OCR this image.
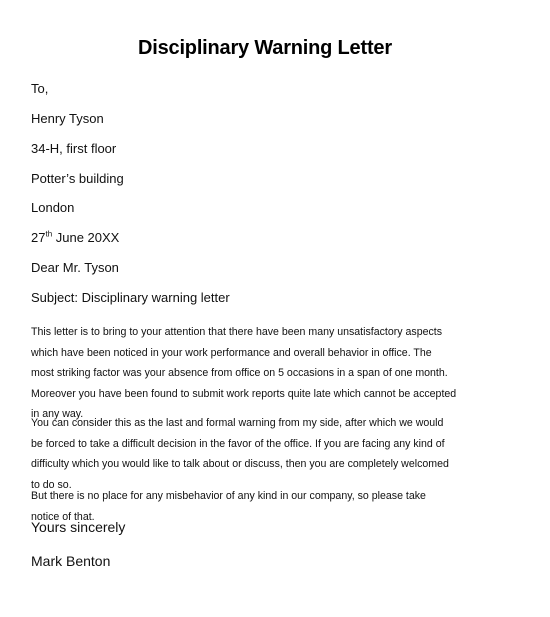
Disciplinary Warning Letter
To,
Henry Tyson
34-H, first floor
Potter’s building
London
27th June 20XX
Dear Mr. Tyson
Subject: Disciplinary warning letter

This letter is to bring to your attention that there have been many unsatisfactory aspects which have been noticed in your work performance and overall behavior in office. The most striking factor was your absence from office on 5 occasions in a span of one month. Moreover you have been found to submit work reports quite late which cannot be accepted in any way.

You can consider this as the last and formal warning from my side, after which we would be forced to take a difficult decision in the favor of the office. If you are facing any kind of difficulty which you would like to talk about or discuss, then you are completely welcomed to do so.

But there is no place for any misbehavior of any kind in our company, so please take notice of that.

Yours sincerely
Mark Benton
